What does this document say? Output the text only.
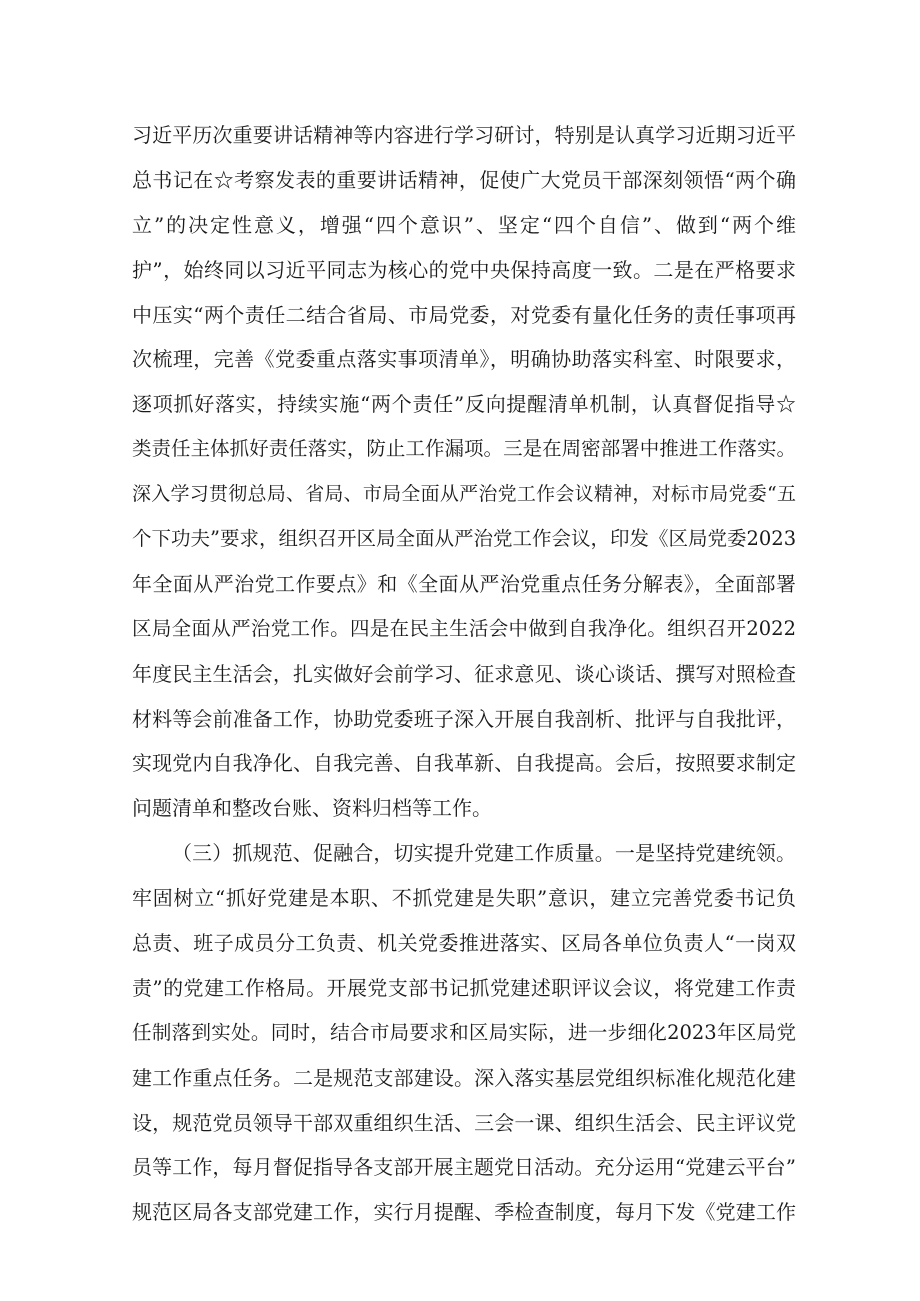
习近平历次重要讲话精神等内容进行学习研讨，特别是认真学习近期习近平
总书记在☆考察发表的重要讲话精神，促使广大党员干部深刻领悟“两个确
立”的决定性意义，增强“四个意识”、坚定“四个自信”、做到“两个维
护”，始终同以习近平同志为核心的党中央保持高度一致。二是在严格要求
中压实“两个责任二结合省局、市局党委，对党委有量化任务的责任事项再
次梳理，完善《党委重点落实事项清单》，明确协助落实科室、时限要求，
逐项抓好落实，持续实施“两个责任”反向提醒清单机制，认真督促指导☆
类责任主体抓好责任落实，防止工作漏项。三是在周密部署中推进工作落实。
深入学习贯彻总局、省局、市局全面从严治党工作会议精神，对标市局党委“五
个下功夫”要求，组织召开区局全面从严治党工作会议，印发《区局党委2023
年全面从严治党工作要点》和《全面从严治党重点任务分解表》，全面部署
区局全面从严治党工作。四是在民主生活会中做到自我净化。组织召开2022
年度民主生活会，扎实做好会前学习、征求意见、谈心谈话、撰写对照检查
材料等会前准备工作，协助党委班子深入开展自我剖析、批评与自我批评，
实现党内自我净化、自我完善、自我革新、自我提高。会后，按照要求制定
问题清单和整改台账、资料归档等工作。
（三）抓规范、促融合，切实提升党建工作质量。一是坚持党建统领。
牢固树立“抓好党建是本职、不抓党建是失职”意识，建立完善党委书记负
总责、班子成员分工负责、机关党委推进落实、区局各单位负责人“一岗双
责”的党建工作格局。开展党支部书记抓党建述职评议会议，将党建工作责
任制落到实处。同时，结合市局要求和区局实际，进一步细化2023年区局党
建工作重点任务。二是规范支部建设。深入落实基层党组织标准化规范化建
设，规范党员领导干部双重组织生活、三会一课、组织生活会、民主评议党
员等工作，每月督促指导各支部开展主题党日活动。充分运用“党建云平台”
规范区局各支部党建工作，实行月提醒、季检查制度，每月下发《党建工作
